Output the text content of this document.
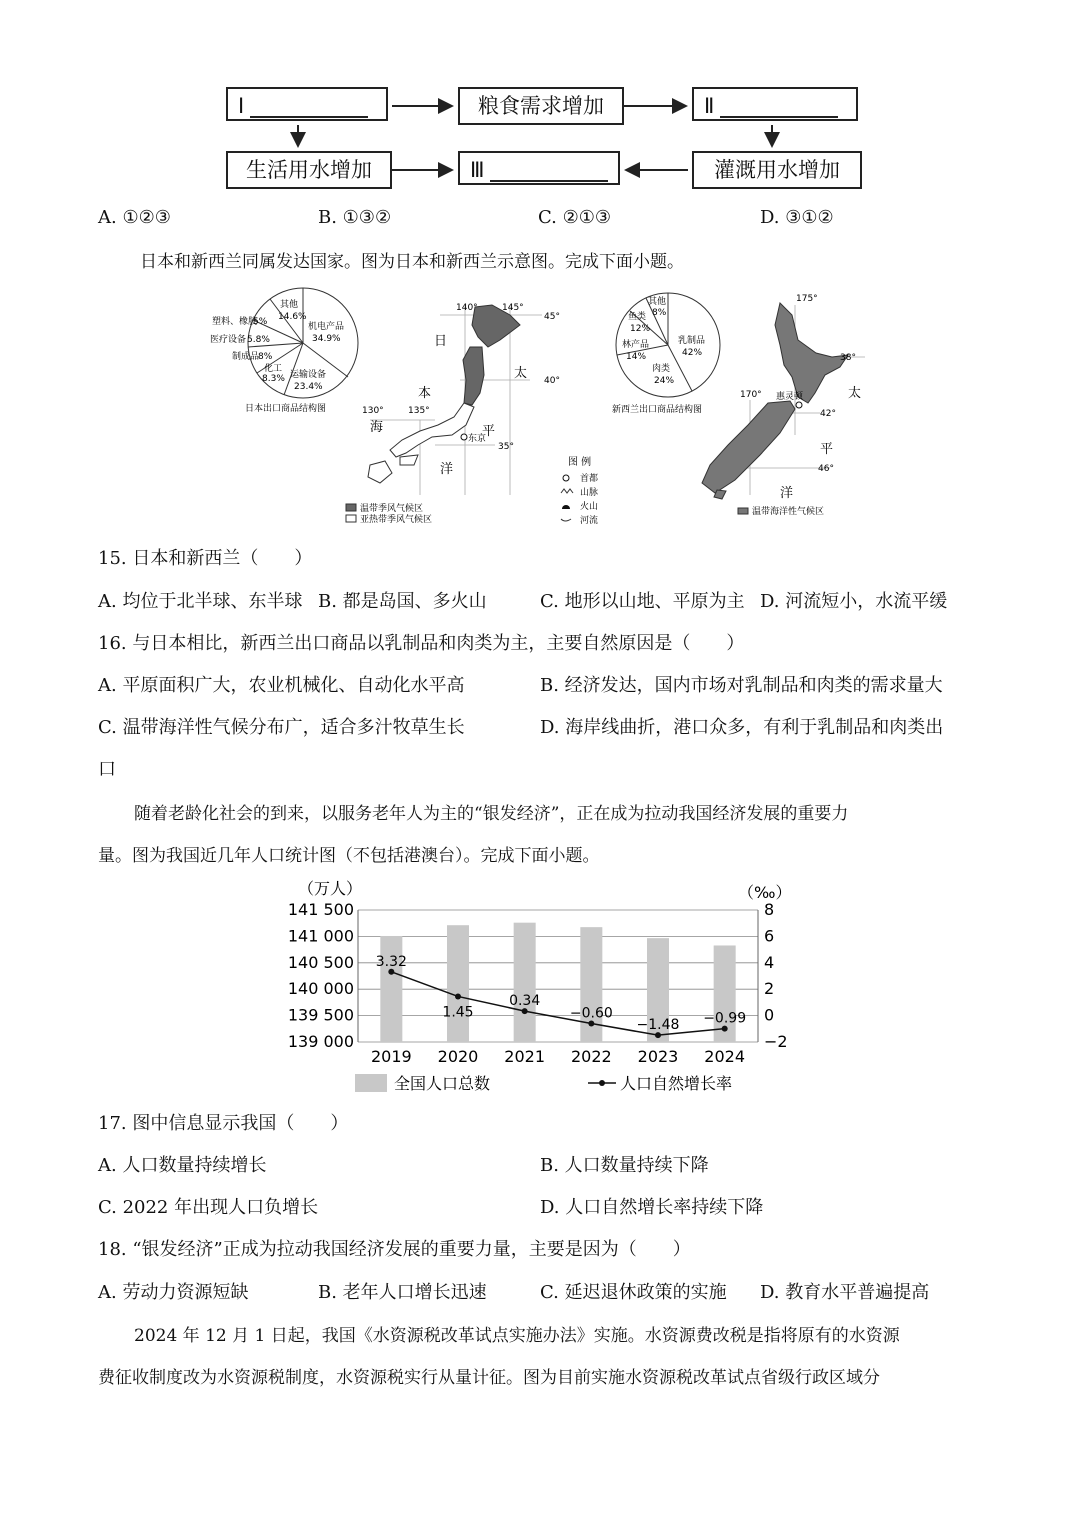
Ⅰ	粮食需求增加	Ⅱ
生活用水增加	Ⅲ	灌溉用水增加
A. ①②③	B. ①③②	C. ②①③	D. ③①②
日本和新西兰同属发达国家。图为日本和新西兰示意图。完成下面小题。
其他
14.6%
机电产品
34.9%
运输设备
23.4%
化工
8.3%
制成品
8%
医疗设备 5.8%
塑料、橡胶
5%
日本出口商品结构图
140°	145°
130°	135°
45°
40°
35°
日
本
海
太
平
洋
东京
温带季风气候区
亚热带季风气候区
乳制品
42%
肉类
24%
林产品
14%
鱼类
12%
其他
8%
新西兰出口商品结构图
图 例
首都
山脉
火山
河流
175°
170°
38°
42°
46°
惠灵顿	太
平
洋
温带海洋性气候区
15. 日本和新西兰（　　）
A. 均位于北半球、东半球 B. 都是岛国、多火山	C. 地形以山地、平原为主 D. 河流短小，水流平缓
16. 与日本相比，新西兰出口商品以乳制品和肉类为主，主要自然原因是（　　）
A. 平原面积广大，农业机械化、自动化水平高	B. 经济发达，国内市场对乳制品和肉类的需求量大
C. 温带海洋性气候分布广，适合多汁牧草生长	D. 海岸线曲折，港口众多，有利于乳制品和肉类出
口
随着老龄化社会的到来，以服务老年人为主的“银发经济”，正在成为拉动我国经济发展的重要力
量。图为我国近几年人口统计图（不包括港澳台）。完成下面小题。
（万人）	（‰）
3.32
1.45
0.34
−0.60
−1.48 −0.99
139 000
139 500
140 000
140 500
141 000
141 500
−2
0
2
4
6
8
2019 2020 2021 2022 2023 2024
全国人口总数	人口自然增长率
17. 图中信息显示我国（　　）
A. 人口数量持续增长	B. 人口数量持续下降
C. 2022 年出现人口负增长	D. 人口自然增长率持续下降
18. “银发经济”正成为拉动我国经济发展的重要力量，主要是因为（　　）
A. 劳动力资源短缺	B. 老年人口增长迅速	C. 延迟退休政策的实施 D. 教育水平普遍提高
2024 年 12 月 1 日起，我国《水资源税改革试点实施办法》实施。水资源费改税是指将原有的水资源
费征收制度改为水资源税制度，水资源税实行从量计征。图为目前实施水资源税改革试点省级行政区域分
